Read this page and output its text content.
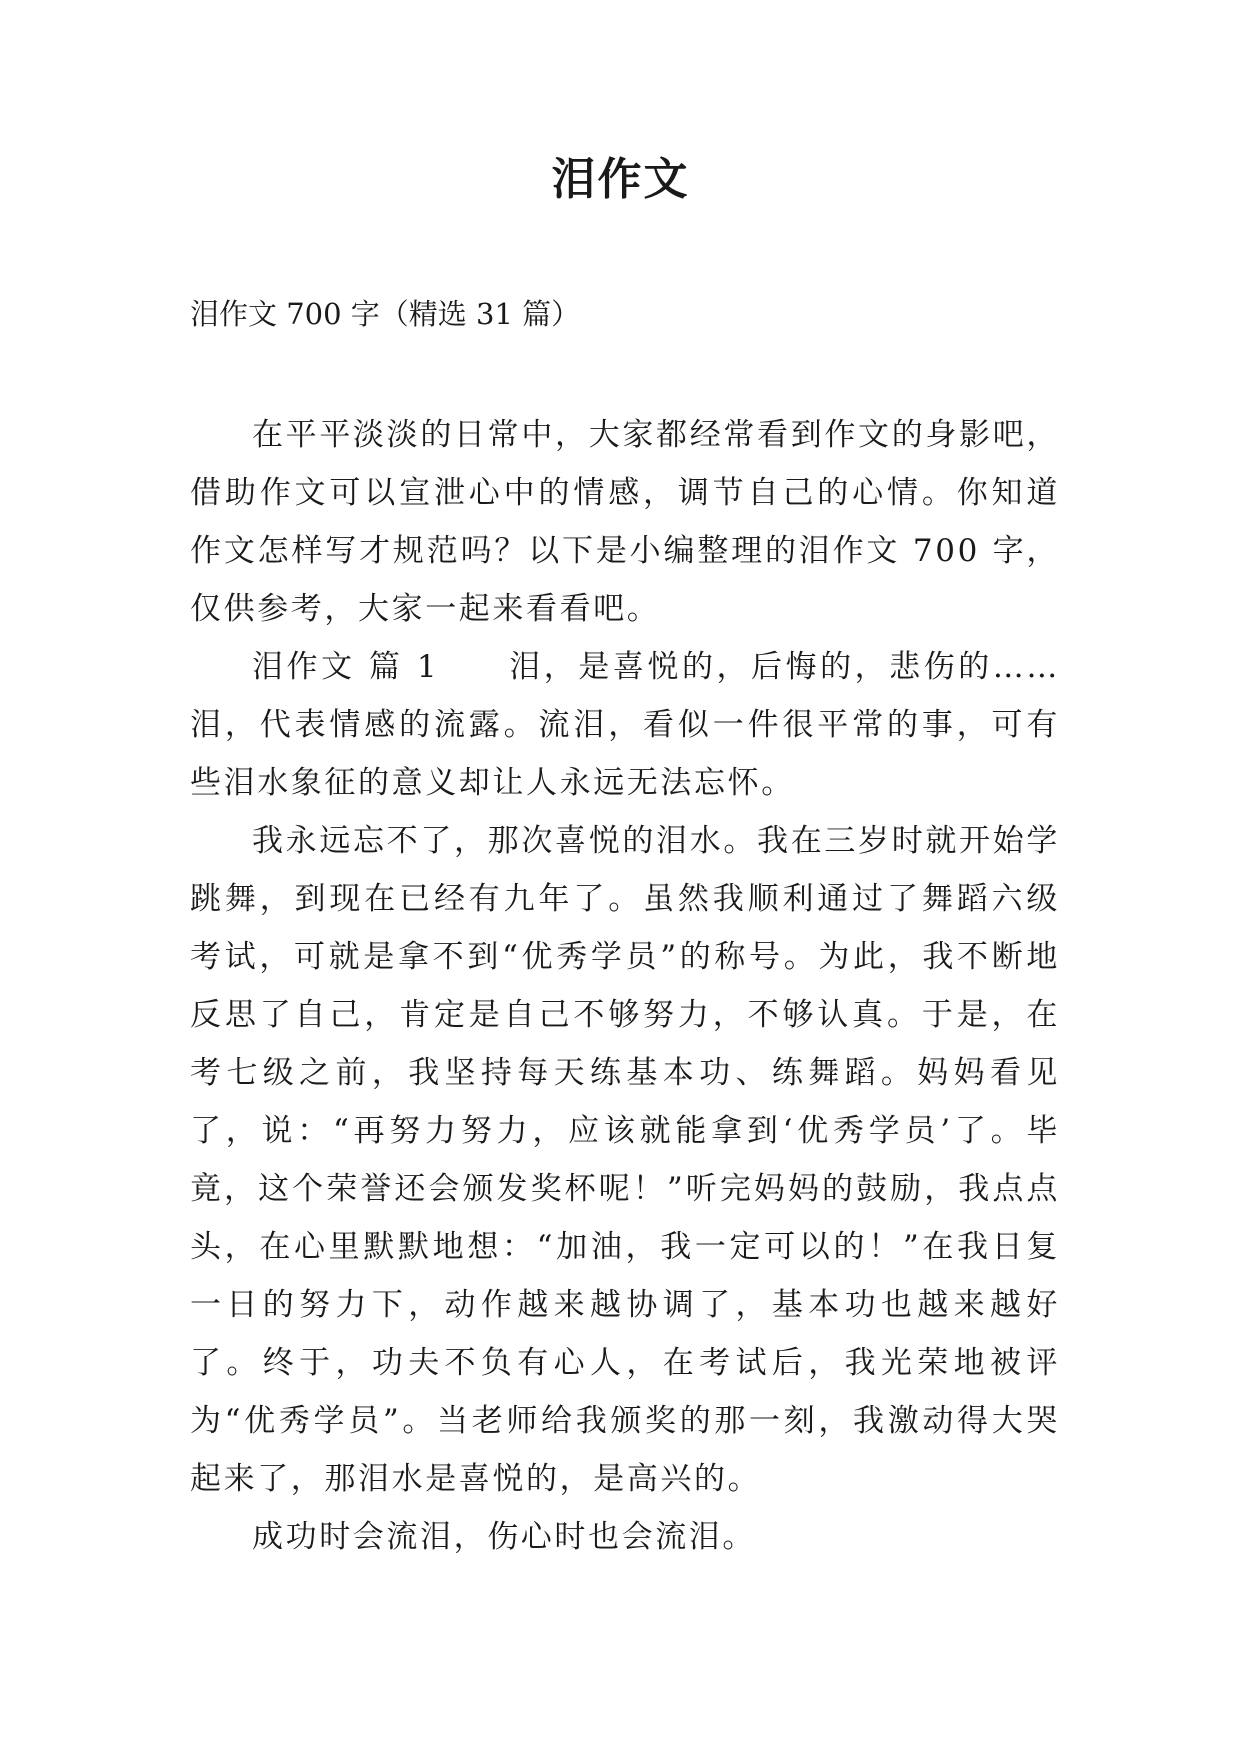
泪作文
泪作文 700 字（精选 31 篇）

在平平淡淡的日常中，大家都经常看到作文的身影吧，借助作文可以宣泄心中的情感，调节自己的心情。你知道作文怎样写才规范吗？以下是小编整理的泪作文 700 字，仅供参考，大家一起来看看吧。

泪作文 篇 1　　泪，是喜悦的，后悔的，悲伤的……泪，代表情感的流露。流泪，看似一件很平常的事，可有些泪水象征的意义却让人永远无法忘怀。

我永远忘不了，那次喜悦的泪水。我在三岁时就开始学跳舞，到现在已经有九年了。虽然我顺利通过了舞蹈六级考试，可就是拿不到“优秀学员”的称号。为此，我不断地反思了自己，肯定是自己不够努力，不够认真。于是，在考七级之前，我坚持每天练基本功、练舞蹈。妈妈看见了，说：“再努力努力，应该就能拿到‘优秀学员’了。毕竟，这个荣誉还会颁发奖杯呢！”听完妈妈的鼓励，我点点头，在心里默默地想：“加油，我一定可以的！”在我日复一日的努力下，动作越来越协调了，基本功也越来越好了。终于，功夫不负有心人，在考试后，我光荣地被评为“优秀学员”。当老师给我颁奖的那一刻，我激动得大哭起来了，那泪水是喜悦的，是高兴的。

成功时会流泪，伤心时也会流泪。
